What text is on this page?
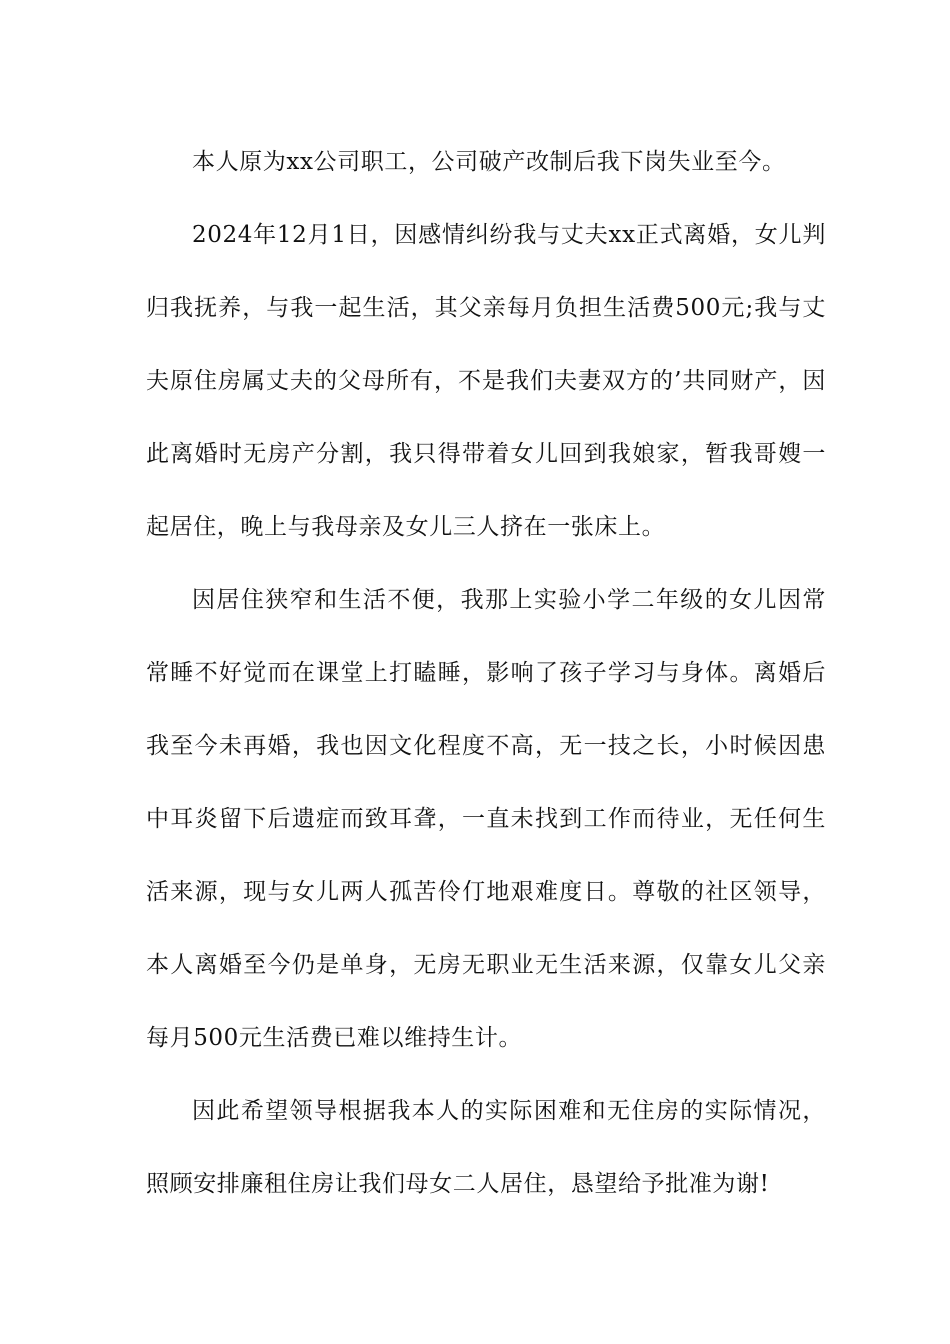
本人原为xx公司职工，公司破产改制后我下岗失业至今。

2024年12月1日，因感情纠纷我与丈夫xx正式离婚，女儿判归我抚养，与我一起生活，其父亲每月负担生活费500元;我与丈夫原住房属丈夫的父母所有，不是我们夫妻双方的’共同财产，因此离婚时无房产分割，我只得带着女儿回到我娘家，暂我哥嫂一起居住，晚上与我母亲及女儿三人挤在一张床上。

因居住狭窄和生活不便，我那上实验小学二年级的女儿因常常睡不好觉而在课堂上打瞌睡，影响了孩子学习与身体。离婚后我至今未再婚，我也因文化程度不高，无一技之长，小时候因患中耳炎留下后遗症而致耳聋，一直未找到工作而待业，无任何生活来源，现与女儿两人孤苦伶仃地艰难度日。尊敬的社区领导，本人离婚至今仍是单身，无房无职业无生活来源，仅靠女儿父亲每月500元生活费已难以维持生计。

因此希望领导根据我本人的实际困难和无住房的实际情况，照顾安排廉租住房让我们母女二人居住，恳望给予批准为谢!
